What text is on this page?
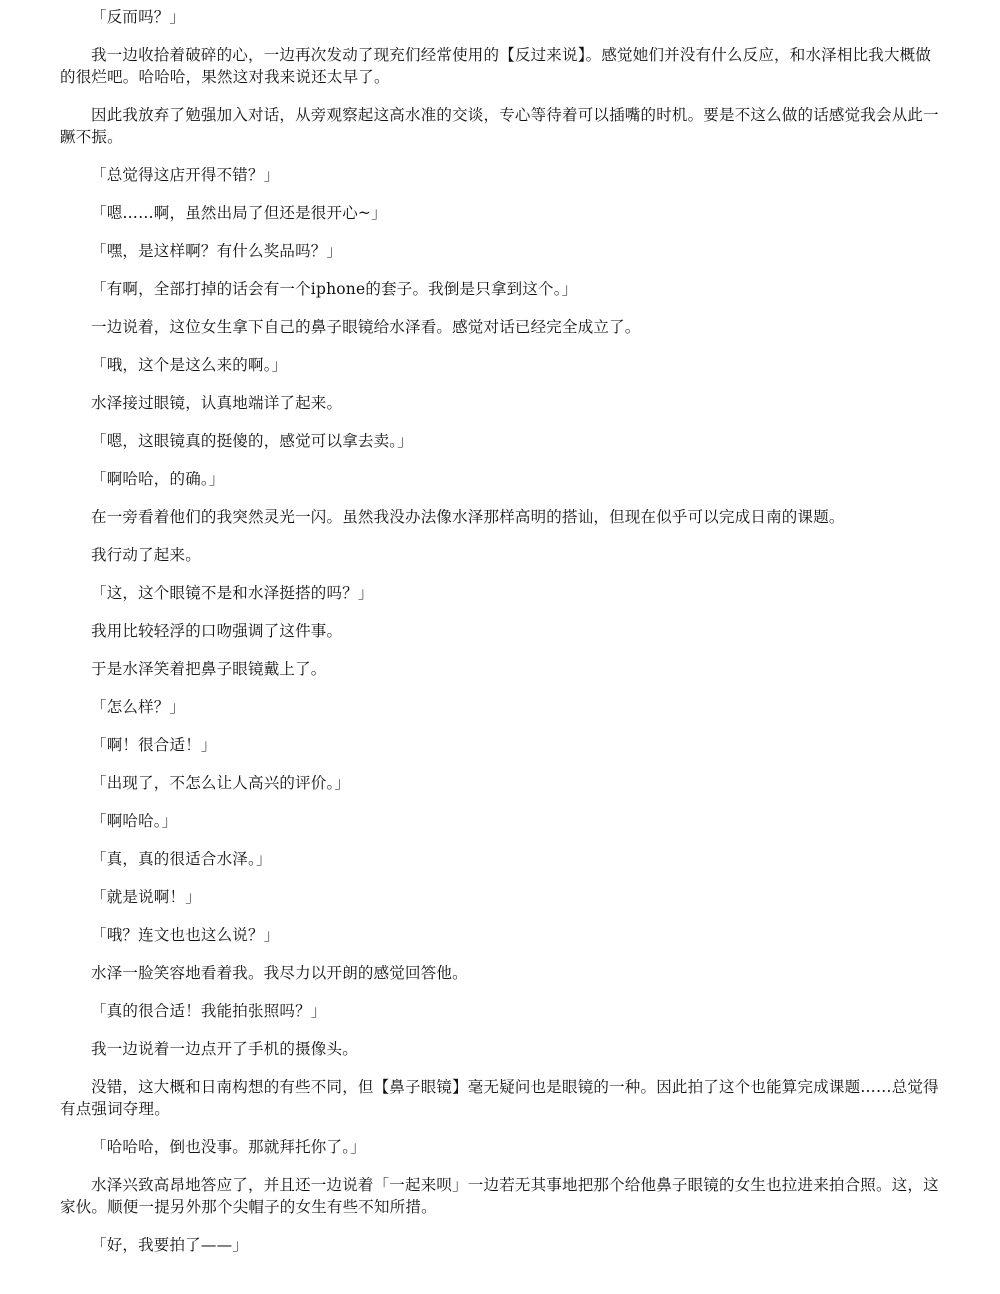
「反而吗？」

我一边收拾着破碎的心，一边再次发动了现充们经常使用的【反过来说】。感觉她们并没有什么反应，和水泽相比我大概做的很烂吧。哈哈哈，果然这对我来说还太早了。

因此我放弃了勉强加入对话，从旁观察起这高水准的交谈，专心等待着可以插嘴的时机。要是不这么做的话感觉我会从此一蹶不振。

「总觉得这店开得不错？」

「嗯……啊，虽然出局了但还是很开心~」

「嘿，是这样啊？有什么奖品吗？」

「有啊，全部打掉的话会有一个iphone的套子。我倒是只拿到这个。」

一边说着，这位女生拿下自己的鼻子眼镜给水泽看。感觉对话已经完全成立了。

「哦，这个是这么来的啊。」

水泽接过眼镜，认真地端详了起来。

「嗯，这眼镜真的挺傻的，感觉可以拿去卖。」

「啊哈哈，的确。」

在一旁看着他们的我突然灵光一闪。虽然我没办法像水泽那样高明的搭讪，但现在似乎可以完成日南的课题。

我行动了起来。

「这，这个眼镜不是和水泽挺搭的吗？」

我用比较轻浮的口吻强调了这件事。

于是水泽笑着把鼻子眼镜戴上了。

「怎么样？」

「啊！很合适！」

「出现了，不怎么让人高兴的评价。」

「啊哈哈。」

「真，真的很适合水泽。」

「就是说啊！」

「哦？连文也也这么说？」

水泽一脸笑容地看着我。我尽力以开朗的感觉回答他。

「真的很合适！我能拍张照吗？」

我一边说着一边点开了手机的摄像头。

没错，这大概和日南构想的有些不同，但【鼻子眼镜】毫无疑问也是眼镜的一种。因此拍了这个也能算完成课题……总觉得有点强词夺理。

「哈哈哈，倒也没事。那就拜托你了。」

水泽兴致高昂地答应了，并且还一边说着「一起来呗」一边若无其事地把那个给他鼻子眼镜的女生也拉进来拍合照。这，这家伙。顺便一提另外那个尖帽子的女生有些不知所措。

「好，我要拍了——」
